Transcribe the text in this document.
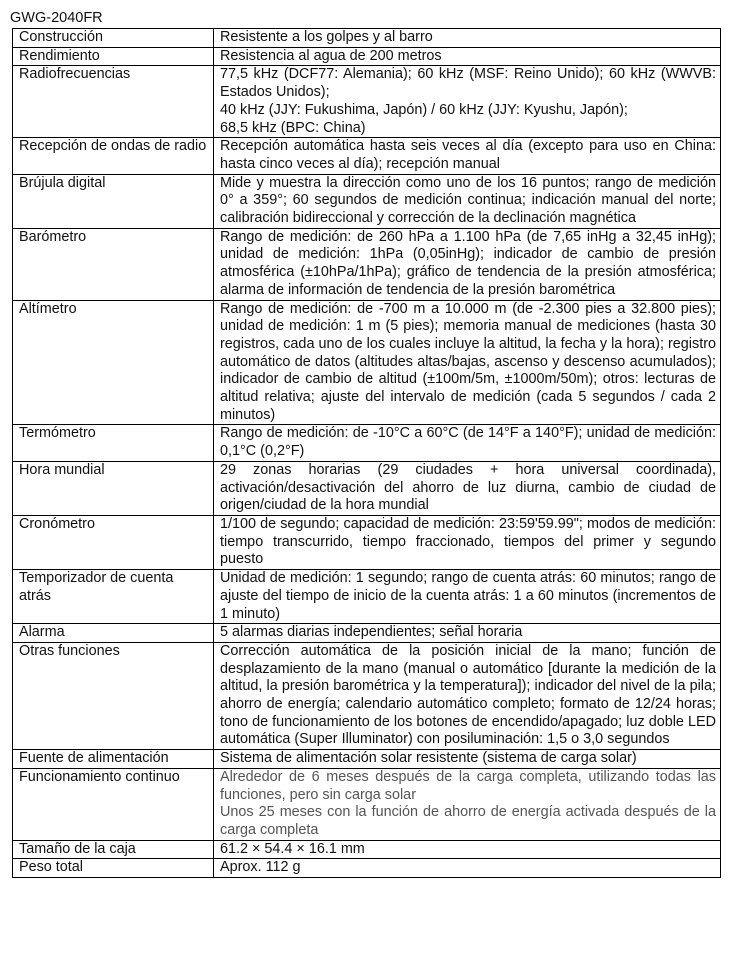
GWG-2040FR
Construcción	Resistente a los golpes y al barro
Rendimiento	Resistencia al agua de 200 metros
Radiofrecuencias	77,5 kHz (DCF77: Alemania); 60 kHz (MSF: Reino Unido); 60 kHz (WWVB: Estados Unidos);
40 kHz (JJY: Fukushima, Japón) / 60 kHz (JJY: Kyushu, Japón);
68,5 kHz (BPC: China)
Recepción de ondas de radio	Recepción automática hasta seis veces al día (excepto para uso en China: hasta cinco veces al día); recepción manual
Brújula digital	Mide y muestra la dirección como uno de los 16 puntos; rango de medición 0° a 359°; 60 segundos de medición continua; indicación manual del norte; calibración bidireccional y corrección de la declinación magnética
Barómetro	Rango de medición: de 260 hPa a 1.100 hPa (de 7,65 inHg a 32,45 inHg); unidad de medición: 1hPa (0,05inHg); indicador de cambio de presión atmosférica (±10hPa/1hPa); gráfico de tendencia de la presión atmosférica; alarma de información de tendencia de la presión barométrica
Altímetro	Rango de medición: de -700 m a 10.000 m (de -2.300 pies a 32.800 pies); unidad de medición: 1 m (5 pies); memoria manual de mediciones (hasta 30 registros, cada uno de los cuales incluye la altitud, la fecha y la hora); registro automático de datos (altitudes altas/bajas, ascenso y descenso acumulados); indicador de cambio de altitud (±100m/5m, ±1000m/50m); otros: lecturas de altitud relativa; ajuste del intervalo de medición (cada 5 segundos / cada 2 minutos)
Termómetro	Rango de medición: de -10°C a 60°C (de 14°F a 140°F); unidad de medición: 0,1°C (0,2°F)
Hora mundial	29 zonas horarias (29 ciudades + hora universal coordinada), activación/desactivación del ahorro de luz diurna, cambio de ciudad de origen/ciudad de la hora mundial
Cronómetro	1/100 de segundo; capacidad de medición: 23:59'59.99"; modos de medición: tiempo transcurrido, tiempo fraccionado, tiempos del primer y segundo puesto
Temporizador de cuenta atrás	Unidad de medición: 1 segundo; rango de cuenta atrás: 60 minutos; rango de ajuste del tiempo de inicio de la cuenta atrás: 1 a 60 minutos (incrementos de 1 minuto)
Alarma	5 alarmas diarias independientes; señal horaria
Otras funciones	Corrección automática de la posición inicial de la mano; función de desplazamiento de la mano (manual o automático [durante la medición de la altitud, la presión barométrica y la temperatura]); indicador del nivel de la pila; ahorro de energía; calendario automático completo; formato de 12/24 horas; tono de funcionamiento de los botones de encendido/apagado; luz doble LED automática (Super Illuminator) con posiluminación: 1,5 o 3,0 segundos
Fuente de alimentación	Sistema de alimentación solar resistente (sistema de carga solar)
Funcionamiento continuo	Alrededor de 6 meses después de la carga completa, utilizando todas las funciones, pero sin carga solar
Unos 25 meses con la función de ahorro de energía activada después de la carga completa
Tamaño de la caja	61.2 × 54.4 × 16.1 mm
Peso total	Aprox. 112 g
